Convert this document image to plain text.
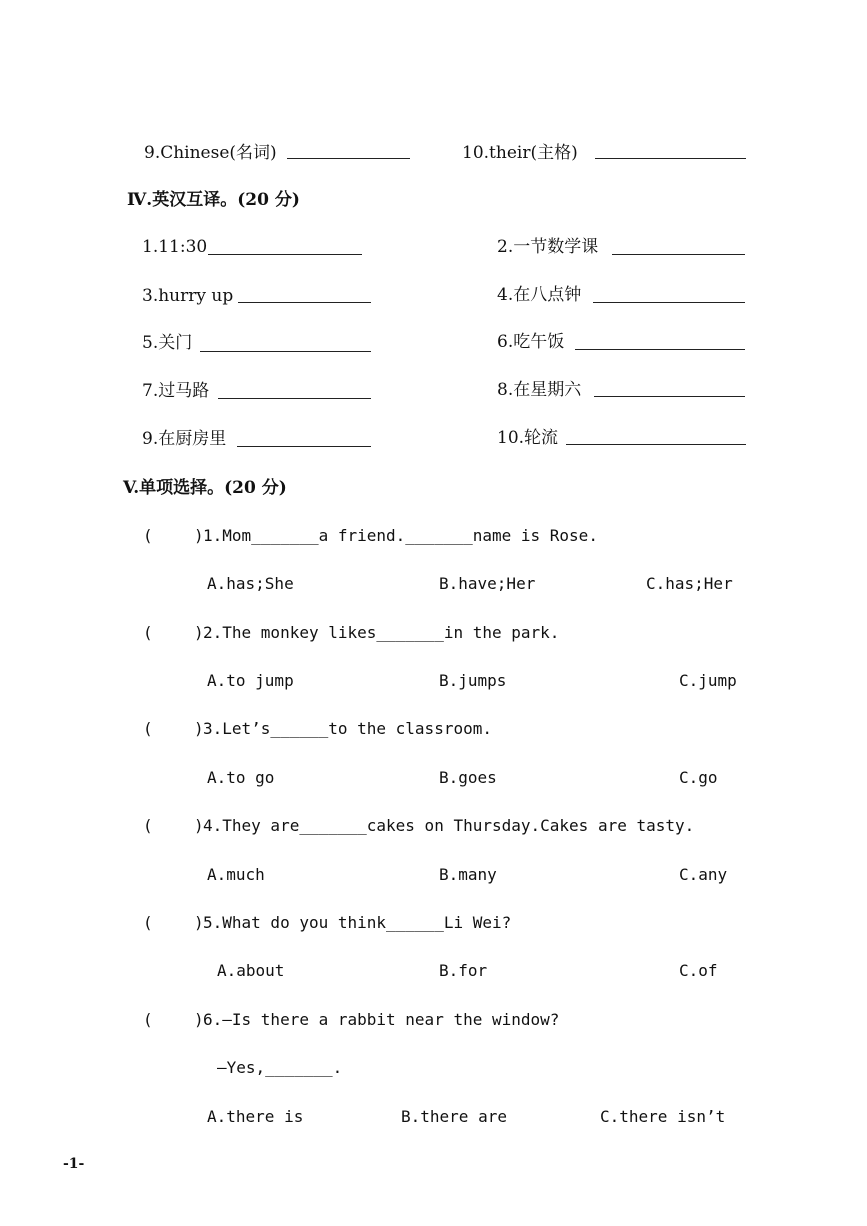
9.Chinese(名词)	10.their(主格)
Ⅳ.英汉互译。(20 分)
1.11:30	2.一节数学课
3.hurry up	4.在八点钟
5.关门	6.吃午饭
7.过马路	8.在星期六
9.在厨房里	10.轮流
V.单项选择。(20 分)
(	) 1.Mom_______a friend._______name is Rose.
A.has;She	B.have;Her	C.has;Her
(	) 2.The monkey likes_______in the park.
A.to jump	B.jumps	C.jump
(	) 3.Let’s______to the classroom.
A.to go	B.goes	C.go
(	) 4.They are_______cakes on Thursday.Cakes are tasty.
A.much	B.many	C.any
(	) 5.What do you think______Li Wei?
A.about	B.for	C.of
(	) 6.—Is there a rabbit near the window?
—Yes,_______.
A.there is	B.there are	C.there isn’t
-1-
